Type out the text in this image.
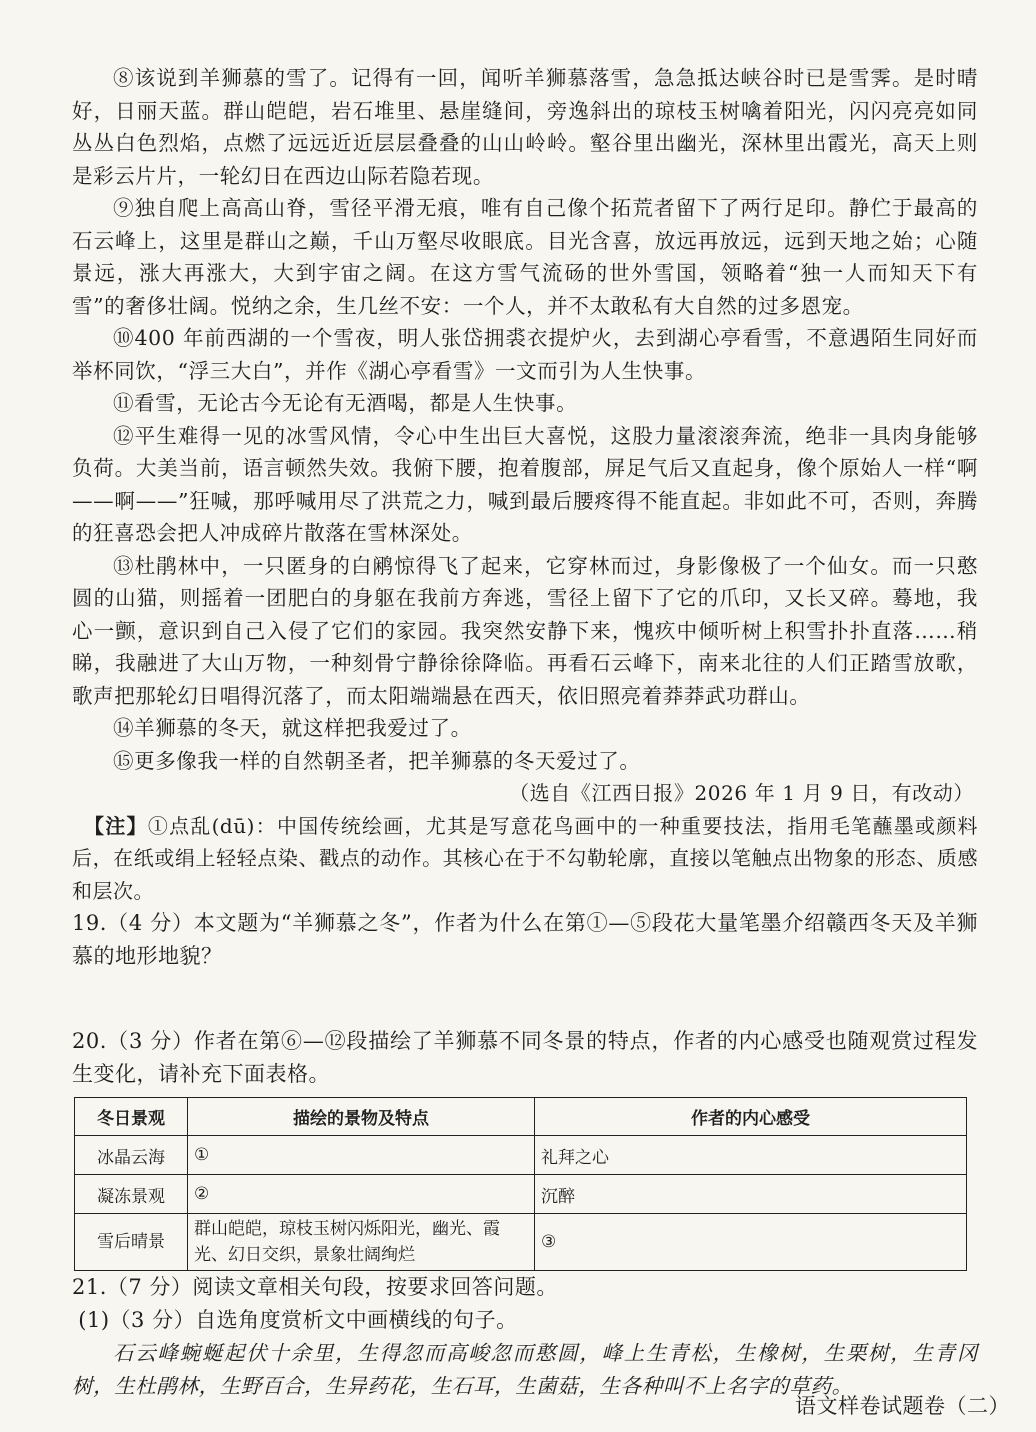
⑧该说到羊狮慕的雪了。记得有一回，闻听羊狮慕落雪，急急抵达峡谷时已是雪霁。是时晴好，日丽天蓝。群山皑皑，岩石堆里、悬崖缝间，旁逸斜出的琼枝玉树噙着阳光，闪闪亮亮如同丛丛白色烈焰，点燃了远远近近层层叠叠的山山岭岭。壑谷里出幽光，深林里出霞光，高天上则是彩云片片，一轮幻日在西边山际若隐若现。

⑨独自爬上高高山脊，雪径平滑无痕，唯有自己像个拓荒者留下了两行足印。静伫于最高的石云峰上，这里是群山之巅，千山万壑尽收眼底。目光含喜，放远再放远，远到天地之始；心随景远，涨大再涨大，大到宇宙之阔。在这方雪气流砀的世外雪国，领略着“独一人而知天下有雪”的奢侈壮阔。悦纳之余，生几丝不安：一个人，并不太敢私有大自然的过多恩宠。

⑩400 年前西湖的一个雪夜，明人张岱拥裘衣提炉火，去到湖心亭看雪，不意遇陌生同好而举杯同饮，“浮三大白”，并作《湖心亭看雪》一文而引为人生快事。

⑪看雪，无论古今无论有无酒喝，都是人生快事。

⑫平生难得一见的冰雪风情，令心中生出巨大喜悦，这股力量滚滚奔流，绝非一具肉身能够负荷。大美当前，语言顿然失效。我俯下腰，抱着腹部，屏足气后又直起身，像个原始人一样“啊——啊——”狂喊，那呼喊用尽了洪荒之力，喊到最后腰疼得不能直起。非如此不可，否则，奔腾的狂喜恐会把人冲成碎片散落在雪林深处。

⑬杜鹃林中，一只匿身的白鹇惊得飞了起来，它穿林而过，身影像极了一个仙女。而一只憨圆的山猫，则摇着一团肥白的身躯在我前方奔逃，雪径上留下了它的爪印，又长又碎。蓦地，我心一颤，意识到自己入侵了它们的家园。我突然安静下来，愧疚中倾听树上积雪扑扑直落……稍睇，我融进了大山万物，一种刻骨宁静徐徐降临。再看石云峰下，南来北往的人们正踏雪放歌，歌声把那轮幻日唱得沉落了，而太阳端端悬在西天，依旧照亮着莽莽武功群山。

⑭羊狮慕的冬天，就这样把我爱过了。

⑮更多像我一样的自然朝圣者，把羊狮慕的冬天爱过了。

（选自《江西日报》2026 年 1 月 9 日，有改动）

【注】①点乱(dū)：中国传统绘画，尤其是写意花鸟画中的一种重要技法，指用毛笔蘸墨或颜料后，在纸或绢上轻轻点染、戳点的动作。其核心在于不勾勒轮廓，直接以笔触点出物象的形态、质感和层次。

19.（4 分）本文题为“羊狮慕之冬”，作者为什么在第①—⑤段花大量笔墨介绍赣西冬天及羊狮慕的地形地貌？

20.（3 分）作者在第⑥—⑫段描绘了羊狮慕不同冬景的特点，作者的内心感受也随观赏过程发生变化，请补充下面表格。

冬日景观	描绘的景物及特点	作者的内心感受
冰晶云海	①	礼拜之心
凝冻景观	②	沉醉
雪后晴景	群山皑皑，琼枝玉树闪烁阳光，幽光、霞光、幻日交织，景象壮阔绚烂	③

21.（7 分）阅读文章相关句段，按要求回答问题。

(1)（3 分）自选角度赏析文中画横线的句子。

石云峰蜿蜒起伏十余里，生得忽而高峻忽而憨圆，峰上生青松，生橡树，生栗树，生青冈树，生杜鹃林，生野百合，生异药花，生石耳，生菌菇，生各种叫不上名字的草药。

语文样卷试题卷（二）
